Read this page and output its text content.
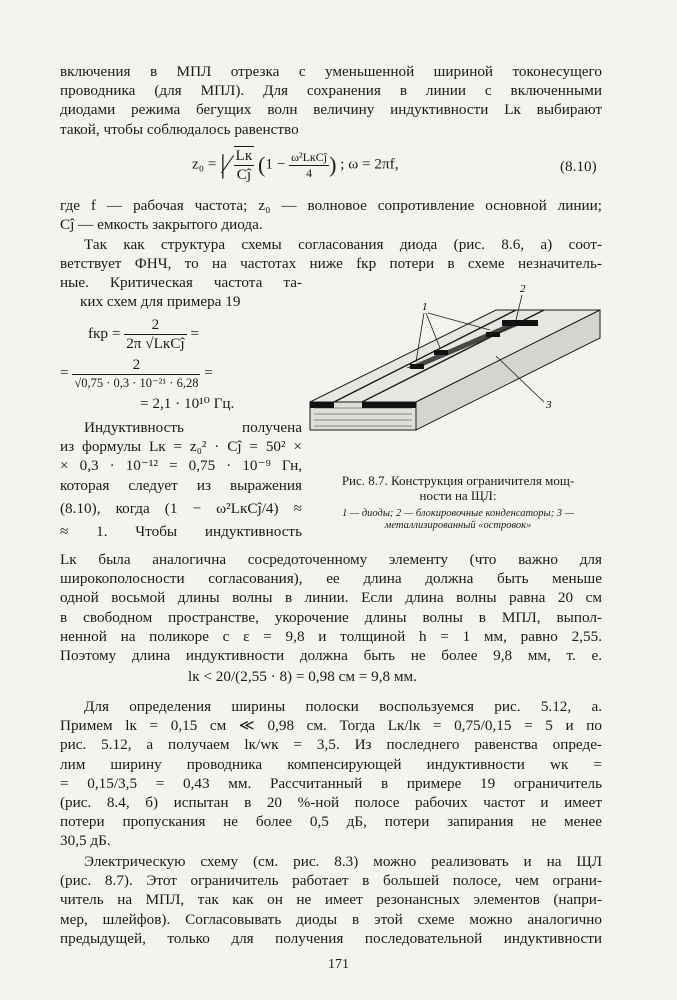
включения в МПЛ отрезка с уменьшенной шириной токонесущего
проводника (для МПЛ). Для сохранения в линии с включенными
диодами режима бегущих волн величину индуктивности Lк выбирают
такой, чтобы соблюдалось равенство
z₀ = |⁄ $\frac{Lк}{Cĵ} (1 - \frac{\text{ω²LкCĵ}}{4}$ ) ; ω = 2πf,	(8.10)
где f — рабочая частота; z₀ — волновое сопротивление основной линии;
Cĵ — емкость закрытого диода.
Так как структура схемы согласования диода (рис. 8.6, а) соот-
ветствует ФНЧ, то на частотах ниже fкр потери в схеме незначитель-
ные. Критическая частота та-
ких схем для примера 19
fкр = $\frac{2}{\text{2π √LкCĵ}}$ =
= $\frac{2}{\text{√0,75 · 0,3 · 10⁻²¹ · 6,28}}$ =
= 2,1 · 10¹⁰ Гц.
Индуктивность получена
из формулы Lк = z₀² · Cĵ = 50² ×
× 0,3 · 10⁻¹² = 0,75 · 10⁻⁹ Гн,
которая следует из выражения
(8.10), когда (1 − ω²LкCĵ/4) ≈
≈ 1. Чтобы индуктивность
1
2
3
Рис. 8.7. Конструкция ограничителя мощ-
ности на ЩЛ:
1 — диоды; 2 — блокировочные конденсаторы; 3 —
металлизированный «островок»
Lк была аналогична сосредоточенному элементу (что важно для
широкополосности согласования), ее длина должна быть меньше
одной восьмой длины волны в линии. Если длина волны равна 20 см
в свободном пространстве, укорочение длины волны в МПЛ, выпол-
ненной на поликоре с ε = 9,8 и толщиной h = 1 мм, равно 2,55.
Поэтому длина индуктивности должна быть не более 9,8 мм, т. е.
lк < 20/(2,55 · 8) = 0,98 см = 9,8 мм.
Для определения ширины полоски воспользуемся рис. 5.12, а.
Примем lк = 0,15 см ≪ 0,98 см. Тогда Lк/lк = 0,75/0,15 = 5 и по
рис. 5.12, а получаем lк/wк = 3,5. Из последнего равенства опреде-
лим ширину проводника компенсирующей индуктивности wк =
= 0,15/3,5 = 0,43 мм. Рассчитанный в примере 19 ограничитель
(рис. 8.4, б) испытан в 20 %-ной полосе рабочих частот и имеет
потери пропускания не более 0,5 дБ, потери запирания не менее
30,5 дБ.
Электрическую схему (см. рис. 8.3) можно реализовать и на ЩЛ
(рис. 8.7). Этот ограничитель работает в большей полосе, чем ограни-
читель на МПЛ, так как он не имеет резонансных элементов (напри-
мер, шлейфов). Согласовывать диоды в этой схеме можно аналогично
предыдущей, только для получения последовательной индуктивности
171
